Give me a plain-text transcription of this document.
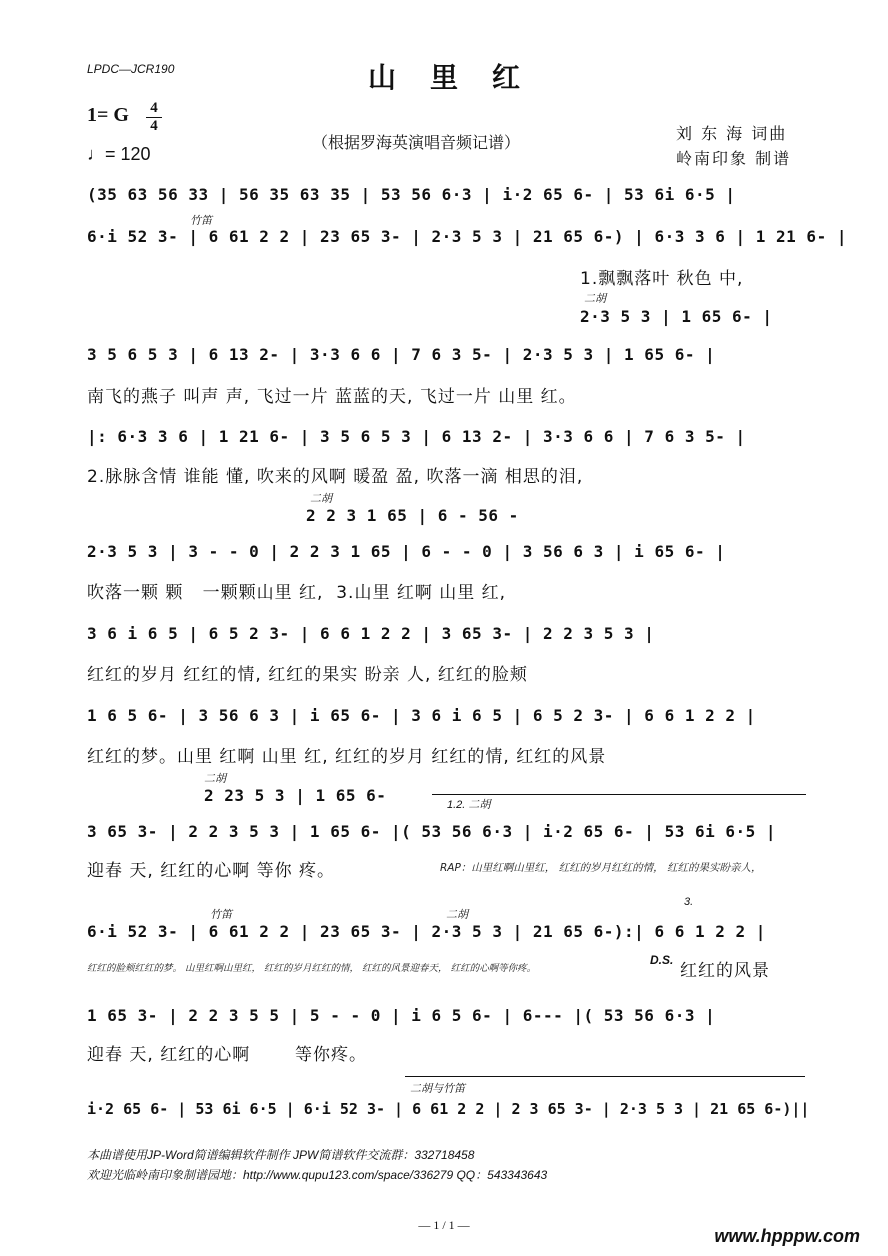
LPDC—JCR190	山里红
1= G 4
4
♩= 120
（根据罗海英演唱音频记谱）	刘 东 海 词曲
岭南印象 制谱
(35 63 56 33 | 56 35 63 35 | 53 56 6·3 | i·2 65 6- | 53 6i 6·5 |
竹笛
6·i 52 3- | 6 61 2 2 | 23 65 3- | 2·3 5 3 | 21 65 6-) | 6·3 3 6 | 1 21 6- |
1.飘飘落叶 秋色 中,
二胡
2·3 5 3 | 1 65 6- |
3 5 6 5 3 | 6 13 2- | 3·3 6 6 | 7 6 3 5- | 2·3 5 3 | 1 65 6- |
南飞的燕子 叫声 声, 飞过一片 蓝蓝的天, 飞过一片 山里 红。
|: 6·3 3 6 | 1 21 6- | 3 5 6 5 3 | 6 13 2- | 3·3 6 6 | 7 6 3 5- |
2.脉脉含情 谁能 懂, 吹来的风啊 暖盈 盈, 吹落一滴 相思的泪,
二胡
2 2 3 1 65 | 6 - 56 -
2·3 5 3 | 3 - - 0 | 2 2 3 1 65 | 6 - - 0 | 3 56 6 3 | i 65 6- |
吹落一颗 颗   一颗颗山里 红,  3.山里 红啊 山里 红,
3 6 i 6 5 | 6 5 2 3- | 6 6 1 2 2 | 3 65 3- | 2 2 3 5 3 |
红红的岁月 红红的情, 红红的果实 盼亲 人, 红红的脸颊
1 6 5 6- | 3 56 6 3 | i 65 6- | 3 6 i 6 5 | 6 5 2 3- | 6 6 1 2 2 |
红红的梦。山里 红啊 山里 红, 红红的岁月 红红的情, 红红的风景
二胡
2 23 5 3 | 1 65 6-	1.2. 二胡
3 65 3- | 2 2 3 5 3 | 1 65 6- |( 53 56 6·3 | i·2 65 6- | 53 6i 6·5 |
迎春 天, 红红的心啊 等你 疼。	RAP：山里红啊山里红， 红红的岁月红红的情， 红红的果实盼亲人，
竹笛	二胡
3.
6·i 52 3- | 6 61 2 2 | 23 65 3- | 2·3 5 3 | 21 65 6-):| 6 6 1 2 2 |
红红的脸颊红红的梦。 山里红啊山里红， 红红的岁月红红的情， 红红的风景迎春天， 红红的心啊等你疼。
D.S.
红红的风景
1 65 3- | 2 2 3 5 5 | 5 - - 0 | i 6 5 6- | 6--- |( 53 56 6·3 |
迎春 天, 红红的心啊       等你疼。
二胡与竹笛
i·2 65 6- | 53 6i 6·5 | 6·i 52 3- | 6 61 2 2 | 2 3 65 3- | 2·3 5 3 | 21 65 6-)||
本曲谱使用JP-Word简谱编辑软件制作 JPW简谱软件交流群：332718458
欢迎光临岭南印象制谱园地：http://www.qupu123.com/space/336279 QQ：543343643
— 1 / 1 —
www.hpppw.com
